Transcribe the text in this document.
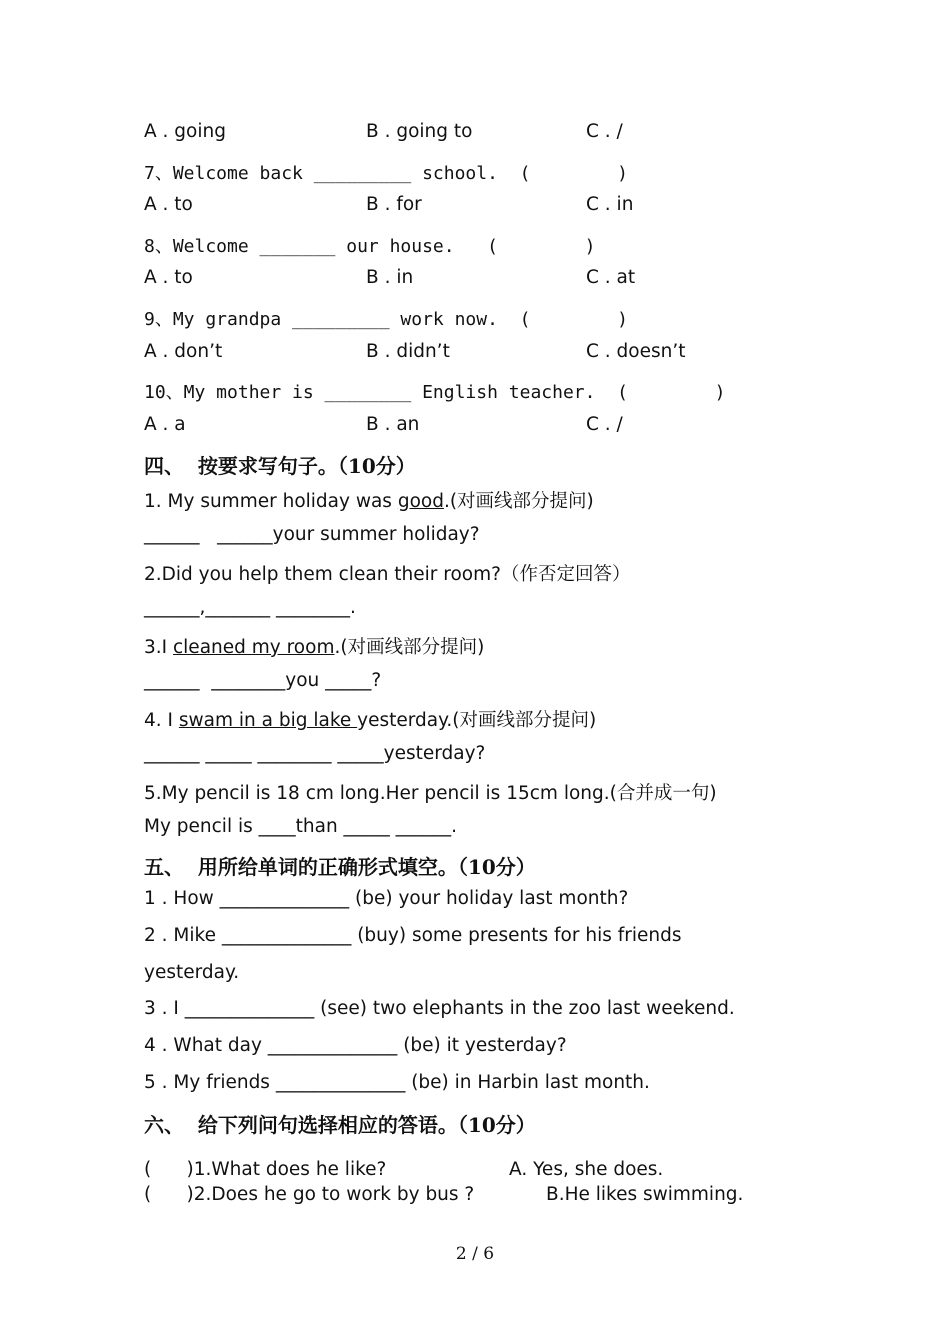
A . going	B . going to	C . /
7、Welcome back _________ school.  (        )
A . to	B . for	C . in
8、Welcome _______ our house.   (        )
A . to	B . in	C . at
9、My grandpa _________ work now.  (        )
A . don’t	B . didn’t	C . doesn’t
10、My mother is ________ English teacher.  (        )
A . a	B . an	C . /
四、  按要求写句子。（10分）
1. My summer holiday was good.(对画线部分提问)
______   ______your summer holiday?
2.Did you help them clean their room?（作否定回答）
______,_______ ________.
3.I cleaned my room.(对画线部分提问)
______  ________you _____?
4. I swam in a big lake yesterday.(对画线部分提问)
______ _____ ________ _____yesterday?
5.My pencil is 18 cm long.Her pencil is 15cm long.(合并成一句)
My pencil is ____than _____ ______.
五、  用所给单词的正确形式填空。（10分）
1 . How ______________ (be) your holiday last month?
2 . Mike ______________ (buy) some presents for his friends
yesterday.
3 . I ______________ (see) two elephants in the zoo last weekend.
4 . What day ______________ (be) it yesterday?
5 . My friends ______________ (be) in Harbin last month.
六、  给下列问句选择相应的答语。（10分）
(      )1.What does he like?	A. Yes, she does.
(      )2.Does he go to work by bus ?	B.He likes swimming.
2 / 6
